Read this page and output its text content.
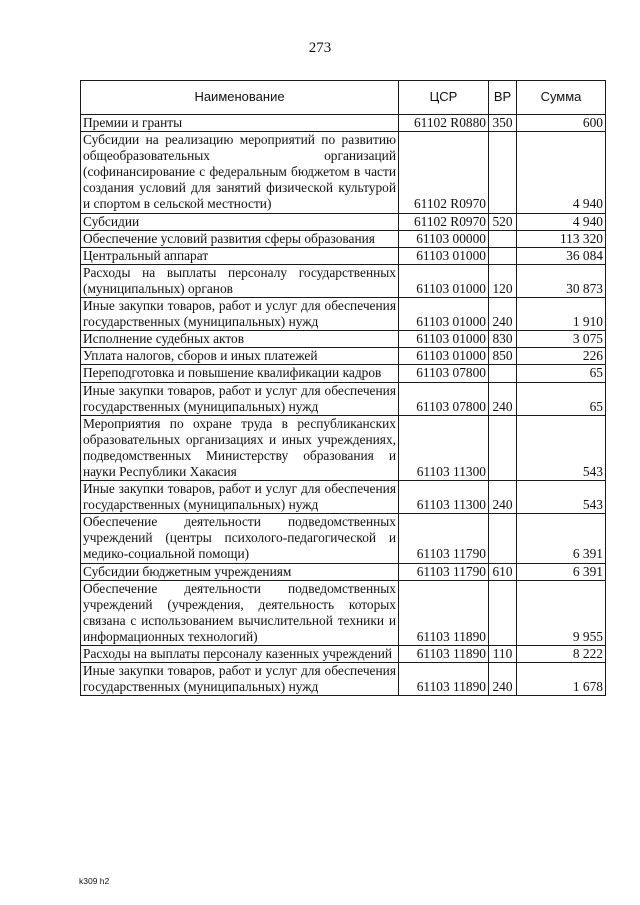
273
Наименование	ЦСР	ВР	Сумма
Премии и гранты	61102 R0880	350	600
Субсидии на реализацию мероприятий по развитию общеобразовательных организаций (софинансирование с федеральным бюджетом в части создания условий для занятий физической культурой и спортом в сельской местности)	61102 R0970		4 940
Субсидии	61102 R0970	520	4 940
Обеспечение условий развития сферы образования	61103 00000		113 320
Центральный аппарат	61103 01000		36 084
Расходы на выплаты персоналу государственных (муниципальных) органов	61103 01000	120	30 873
Иные закупки товаров, работ и услуг для обеспечения государственных (муниципальных) нужд	61103 01000	240	1 910
Исполнение судебных актов	61103 01000	830	3 075
Уплата налогов, сборов и иных платежей	61103 01000	850	226
Переподготовка и повышение квалификации кадров	61103 07800		65
Иные закупки товаров, работ и услуг для обеспечения государственных (муниципальных) нужд	61103 07800	240	65
Мероприятия по охране труда в республиканских образовательных организациях и иных учреждениях, подведомственных Министерству образования и науки Республики Хакасия	61103 11300		543
Иные закупки товаров, работ и услуг для обеспечения государственных (муниципальных) нужд	61103 11300	240	543
Обеспечение деятельности подведомственных учреждений (центры психолого-педагогической и медико-социальной помощи)	61103 11790		6 391
Субсидии бюджетным учреждениям	61103 11790	610	6 391
Обеспечение деятельности подведомственных учреждений (учреждения, деятельность которых связана с использованием вычислительной техники и информационных технологий)	61103 11890		9 955
Расходы на выплаты персоналу казенных учреждений	61103 11890	110	8 222
Иные закупки товаров, работ и услуг для обеспечения государственных (муниципальных) нужд	61103 11890	240	1 678
k309 h2
